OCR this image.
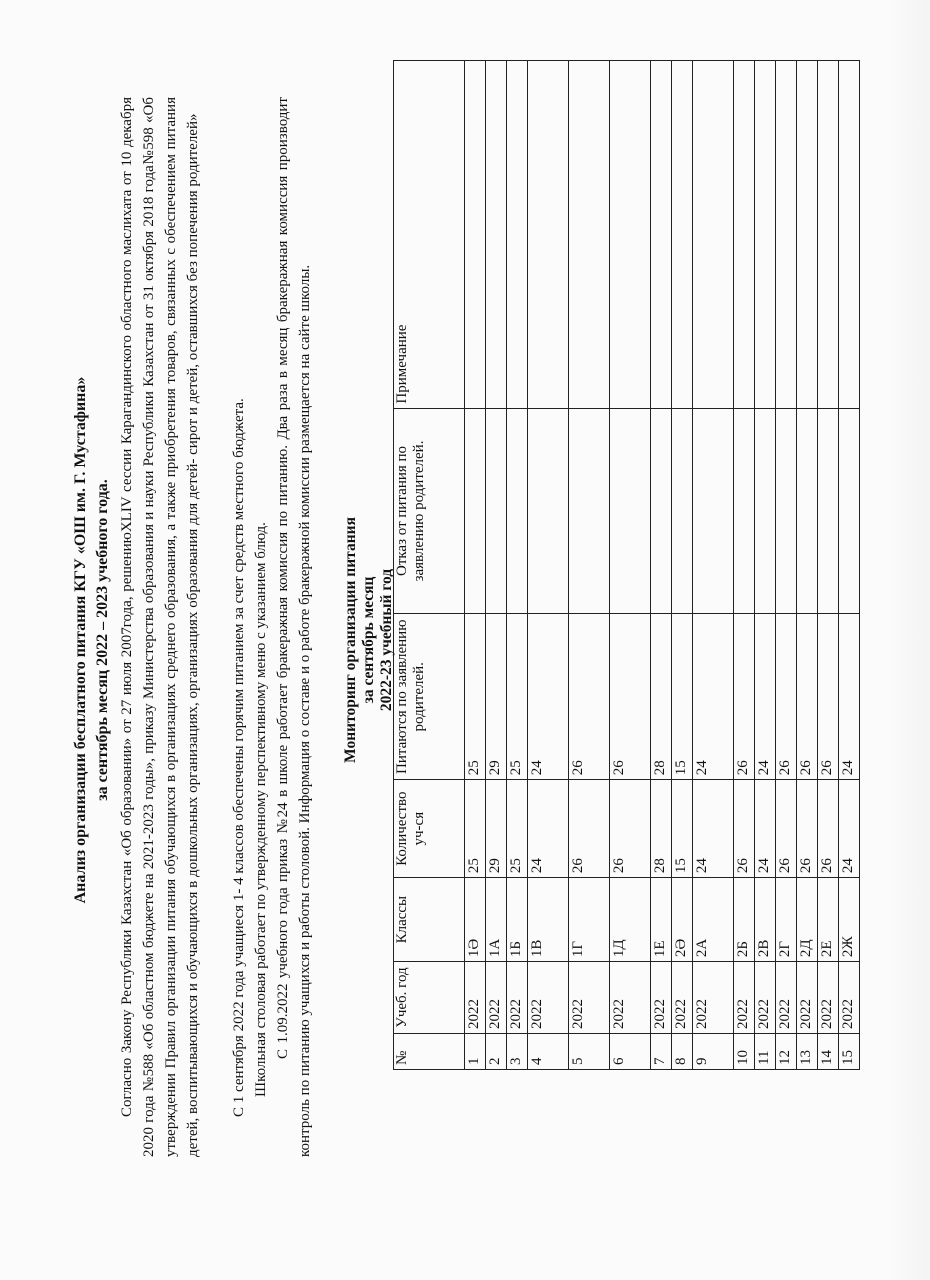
Анализ организации бесплатного питания КГУ «ОШ им. Г. Мустафина» за сентябрь месяц 2022 – 2023 учебного года. Согласно Закону Республики Казахстан «Об образовании» от 27 июля 2007года, решениюXLIV сессии Карагандинского областного маслихата от 10 декабря 2020 года №588 «Об областном бюджете на 2021-2023 годы», приказу Министерства образования и науки Республики Казахстан от 31 октября 2018 года№598 «Об утверждении Правил организации питания обучающихся в организациях среднего образования, а также приобретения товаров, связанных с обеспечением питания детей, воспитывающихся и обучающихся в дошкольных организациях, организациях образования для детей- сирот и детей, оставшихся без попечения родителей» С 1 сентября 2022 года учащиеся 1- 4 классов обеспечены горячим питанием за счет средств местного бюджета. Школьная столовая работает по утвержденному перспективному меню с указанием блюд. С 1.09.2022 учебного года приказ №24 в школе работает бракеражная комиссия по питанию. Два раза в месяц бракеражная комиссия производит контроль по питанию учащихся и работы столовой. Информация о составе и о работе бракеражной комиссии размещается на сайте школы. Мониторинг организации питания за сентябрь месяц 2022-23 учебный год
№	Учеб. год	Классы	Количество уч-ся	Питаются по заявлению родителей.	Отказ от питания по заявлению родителей.	Примечание
1	2022	1Ә	25	25		
2	2022	1А	29	29		
3	2022	1Б	25	25		
4	2022	1В	24	24		
5	2022	1Г	26	26		
6	2022	1Д	26	26		
7	2022	1Е	28	28		
8	2022	2Ә	15	15		
9	2022	2А	24	24		
10	2022	2Б	26	26		
11	2022	2В	24	24		
12	2022	2Г	26	26		
13	2022	2Д	26	26		
14	2022	2Е	26	26		
15	2022	2Ж	24	24		
